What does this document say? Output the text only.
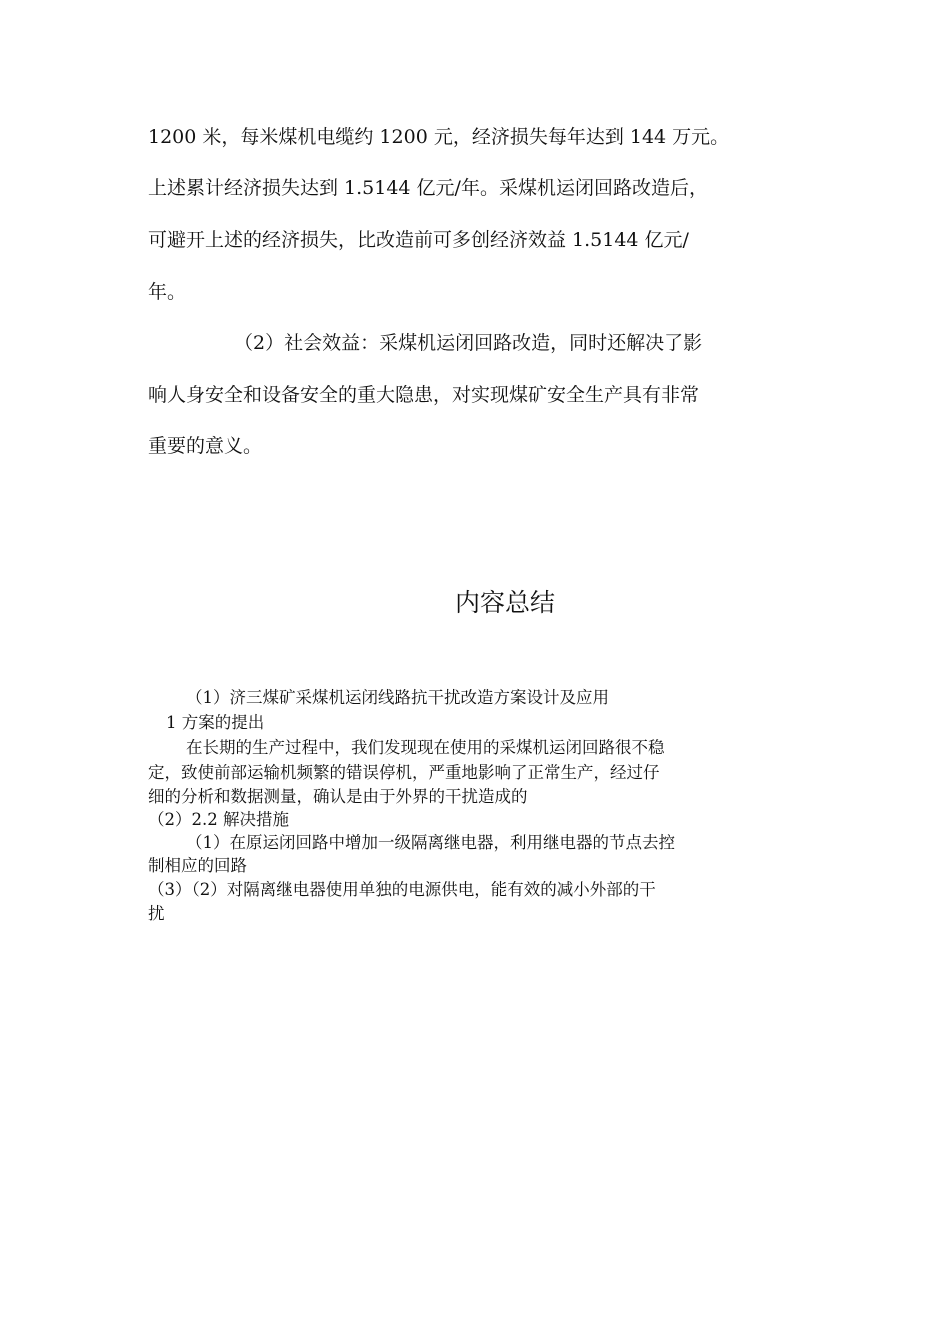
1200 米，每米煤机电缆约 1200 元，经济损失每年达到 144 万元。
上述累计经济损失达到 1.5144 亿元/年。采煤机运闭回路改造后，
可避开上述的经济损失，比改造前可多创经济效益 1.5144 亿元/
年。
（2）社会效益：采煤机运闭回路改造，同时还解决了影
响人身安全和设备安全的重大隐患，对实现煤矿安全生产具有非常
重要的意义。
内容总结
（1）济三煤矿采煤机运闭线路抗干扰改造方案设计及应用
1 方案的提出
在长期的生产过程中，我们发现现在使用的采煤机运闭回路很不稳
定，致使前部运输机频繁的错误停机，严重地影响了正常生产，经过仔
细的分析和数据测量，确认是由于外界的干扰造成的
（2）2.2 解决措施
（1）在原运闭回路中增加一级隔离继电器，利用继电器的节点去控
制相应的回路
（3）（2）对隔离继电器使用单独的电源供电，能有效的减小外部的干
扰
